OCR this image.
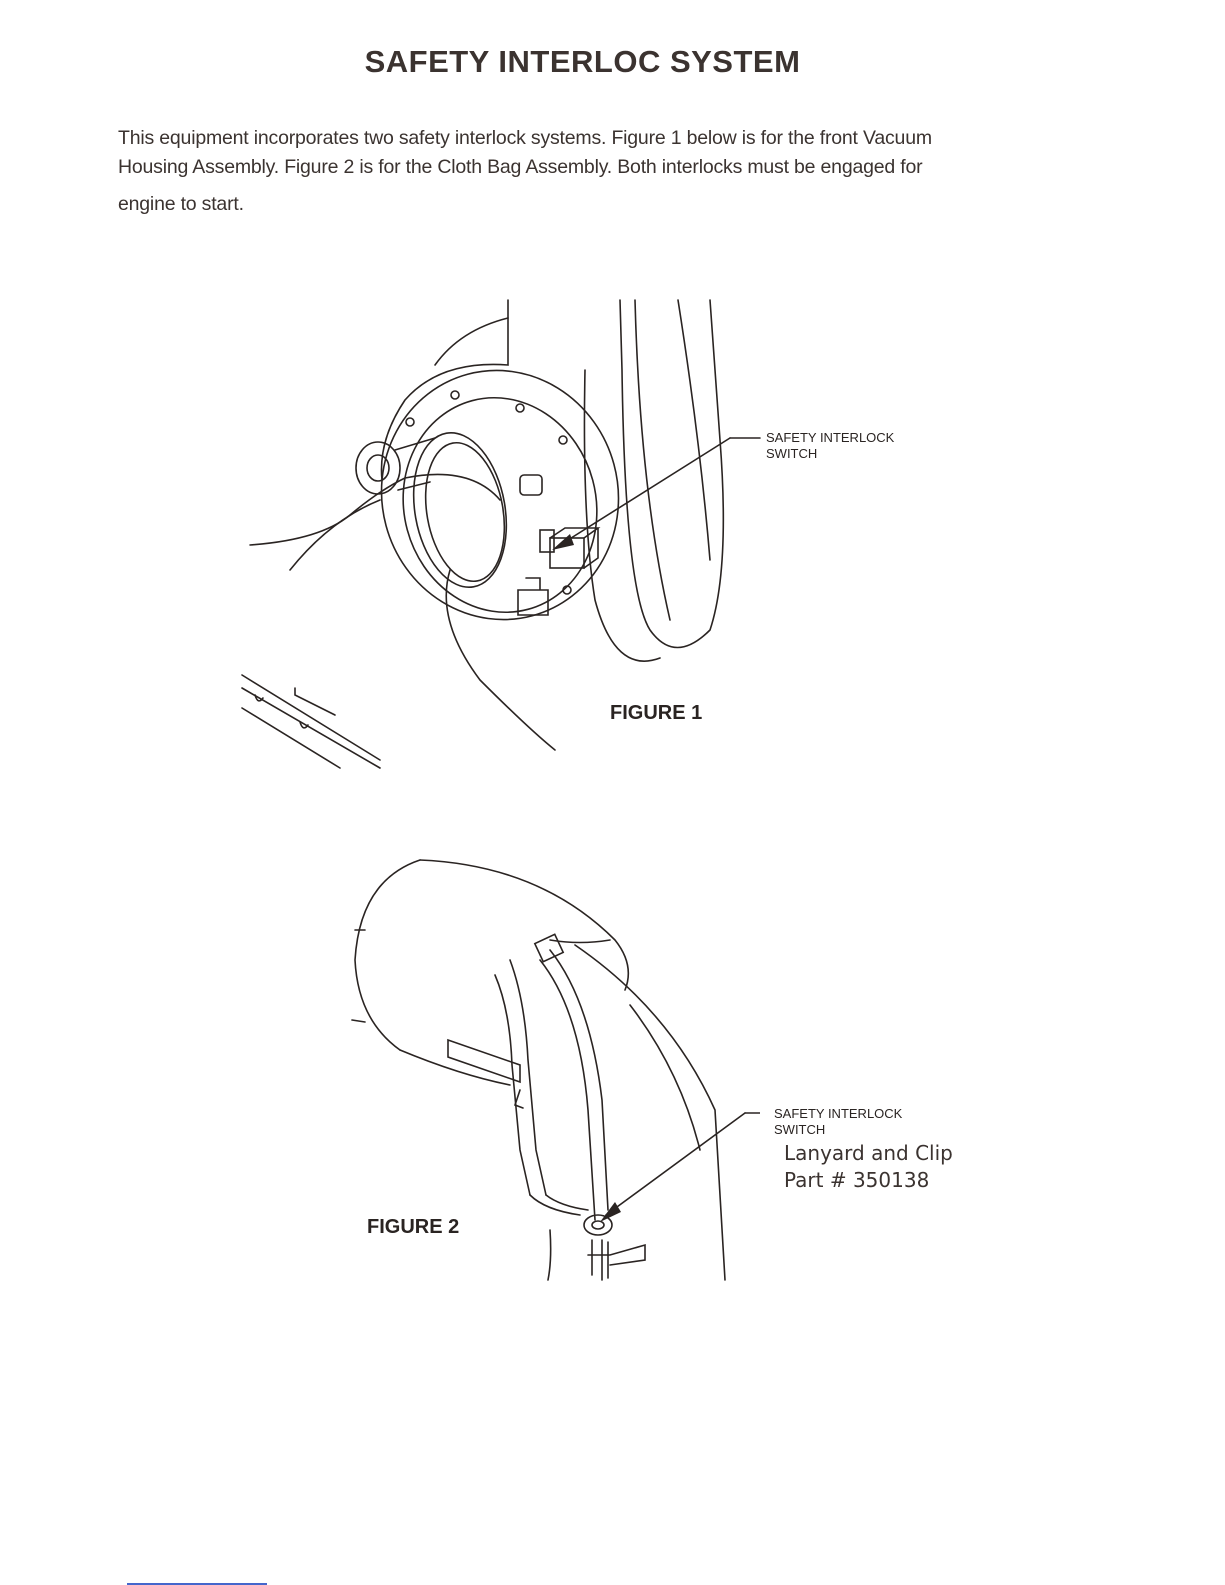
SAFETY INTERLOC SYSTEM

This equipment incorporates two safety interlock systems. Figure 1 below is for the front Vacuum
Housing Assembly. Figure 2 is for the Cloth Bag Assembly. Both interlocks must be engaged for
engine to start.

SAFETY INTERLOCK
SWITCH
FIGURE 1
SAFETY INTERLOCK
SWITCH
Lanyard and Clip
Part # 350138
FIGURE 2
